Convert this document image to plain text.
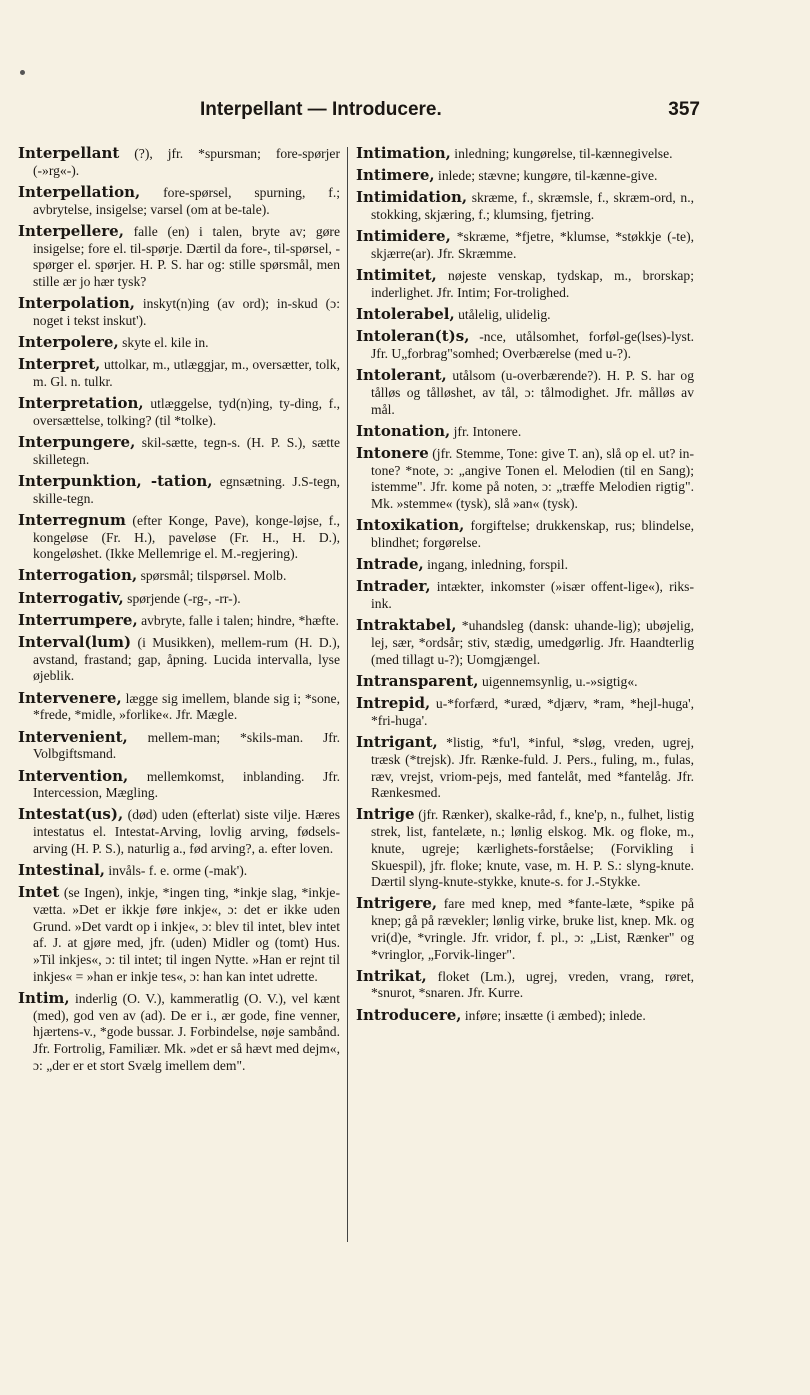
Interpellant — Introducere.	357

Interpellant (?), jfr. *spursman; fore-spørjer (-»rg«-).

Interpellation, fore-spørsel, spurning, f.; avbrytelse, insigelse; varsel (om at be-tale).

Interpellere, falle (en) i talen, bryte av; gøre insigelse; fore el. til-spørje. Dærtil da fore-, til-spørsel, -spørger el. spørjer. H. P. S. har og: stille spørsmål, men stille ær jo hær tysk?

Interpolation, inskyt(n)ing (av ord); in-skud (ɔ: noget i tekst inskut').

Interpolere, skyte el. kile in.

Interpret, uttolkar, m., utlæggjar, m., oversætter, tolk, m. Gl. n. tulkr.

Interpretation, utlæggelse, tyd(n)ing, ty-ding, f., oversættelse, tolking? (til *tolke).

Interpungere, skil-sætte, tegn-s. (H. P. S.), sætte skilletegn.

Interpunktion, -tation, egnsætning. J.S-tegn, skille-tegn.

Interregnum (efter Konge, Pave), konge-løjse, f., kongeløse (Fr. H.), paveløse (Fr. H., H. D.), kongeløshet. (Ikke Mellemrige el. M.-regjering).

Interrogation, spørsmål; tilspørsel. Molb.

Interrogativ, spørjende (-rg-, -rr-).

Interrumpere, avbryte, falle i talen; hindre, *hæfte.

Interval(lum) (i Musikken), mellem-rum (H. D.), avstand, frastand; gap, åpning. Lucida intervalla, lyse øjeblik.

Intervenere, lægge sig imellem, blande sig i; *sone, *frede, *midle, »forlike«. Jfr. Mægle.

Intervenient, mellem-man; *skils-man. Jfr. Volbgiftsmand.

Intervention, mellemkomst, inblanding. Jfr. Intercession, Mægling.

Intestat(us), (død) uden (efterlat) siste vilje. Hæres intestatus el. Intestat-Arving, lovlig arving, fødsels-arving (H. P. S.), naturlig a., fød arving?, a. efter loven.

Intestinal, invåls- f. e. orme (-mak').

Intet (se Ingen), inkje, *ingen ting, *inkje slag, *inkje-vætta. »Det er ikkje føre inkje«, ɔ: det er ikke uden Grund. »Det vardt op i inkje«, ɔ: blev til intet, blev intet af. J. at gjøre med, jfr. (uden) Midler og (tomt) Hus. »Til inkjes«, ɔ: til intet; til ingen Nytte. »Han er rejnt til inkjes« = »han er inkje tes«, ɔ: han kan intet udrette.

Intim, inderlig (O. V.), kammeratlig (O. V.), vel kænt (med), god ven av (ad). De er i., ær gode, fine venner, hjærtens-v., *gode bussar. J. Forbindelse, nøje sambånd. Jfr. Fortrolig, Familiær. Mk. »det er så hævt med dejm«, ɔ: „der er et stort Svælg imellem dem".

Intimation, inledning; kungørelse, til-kænnegivelse.

Intimere, inlede; stævne; kungøre, til-kænne-give.

Intimidation, skræme, f., skræmsle, f., skræm-ord, n., stokking, skjæring, f.; klumsing, fjetring.

Intimidere, *skræme, *fjetre, *klumse, *støkkje (-te), skjærre(ar). Jfr. Skræmme.

Intimitet, nøjeste venskap, tydskap, m., brorskap; inderlighet. Jfr. Intim; For-trolighed.

Intolerabel, utålelig, ulidelig.

Intoleran(t)s, -nce, utålsomhet, forføl-ge(lses)-lyst. Jfr. U„forbrag"somhed; Overbærelse (med u-?).

Intolerant, utålsom (u-overbærende?). H. P. S. har og tålløs og tålløshet, av tål, ɔ: tålmodighet. Jfr. målløs av mål.

Intonation, jfr. Intonere.

Intonere (jfr. Stemme, Tone: give T. an), slå op el. ut? in-tone? *note, ɔ: „angive Tonen el. Melodien (til en Sang); istemme". Jfr. kome på noten, ɔ: „træffe Melodien rigtig". Mk. »stemme« (tysk), slå »an« (tysk).

Intoxikation, forgiftelse; drukkenskap, rus; blindelse, blindhet; forgørelse.

Intrade, ingang, inledning, forspil.

Intrader, intækter, inkomster (»især offent-lige«), riks-ink.

Intraktabel, *uhandsleg (dansk: uhande-lig); ubøjelig, lej, sær, *ordsår; stiv, stædig, umedgørlig. Jfr. Haandterlig (med tillagt u-?); Uomgjængel.

Intransparent, uigennemsynlig, u.-»sigtig«.

Intrepid, u-*forfærd, *uræd, *djærv, *ram, *hejl-huga', *fri-huga'.

Intrigant, *listig, *fu'l, *inful, *sløg, vreden, ugrej, træsk (*trejsk). Jfr. Rænke-fuld. J. Pers., fuling, m., fulas, ræv, vrejst, vriom-pejs, med fantelåt, med *fantelåg. Jfr. Rænkesmed.

Intrige (jfr. Rænker), skalke-råd, f., kne'p, n., fulhet, listig strek, list, fantelæte, n.; lønlig elskog. Mk. og floke, m., knute, ugreje; kærlighets-forståelse; (Forvikling i Skuespil), jfr. floke; knute, vase, m. H. P. S.: slyng-knute. Dærtil slyng-knute-stykke, knute-s. for J.-Stykke.

Intrigere, fare med knep, med *fante-læte, *spike på knep; gå på rævekler; lønlig virke, bruke list, knep. Mk. og vri(d)e, *vringle. Jfr. vridor, f. pl., ɔ: „List, Rænker" og *vringlor, „Forvik-linger".

Intrikat, floket (Lm.), ugrej, vreden, vrang, røret, *snurot, *snaren. Jfr. Kurre.

Introducere, inføre; insætte (i æmbed); inlede.
